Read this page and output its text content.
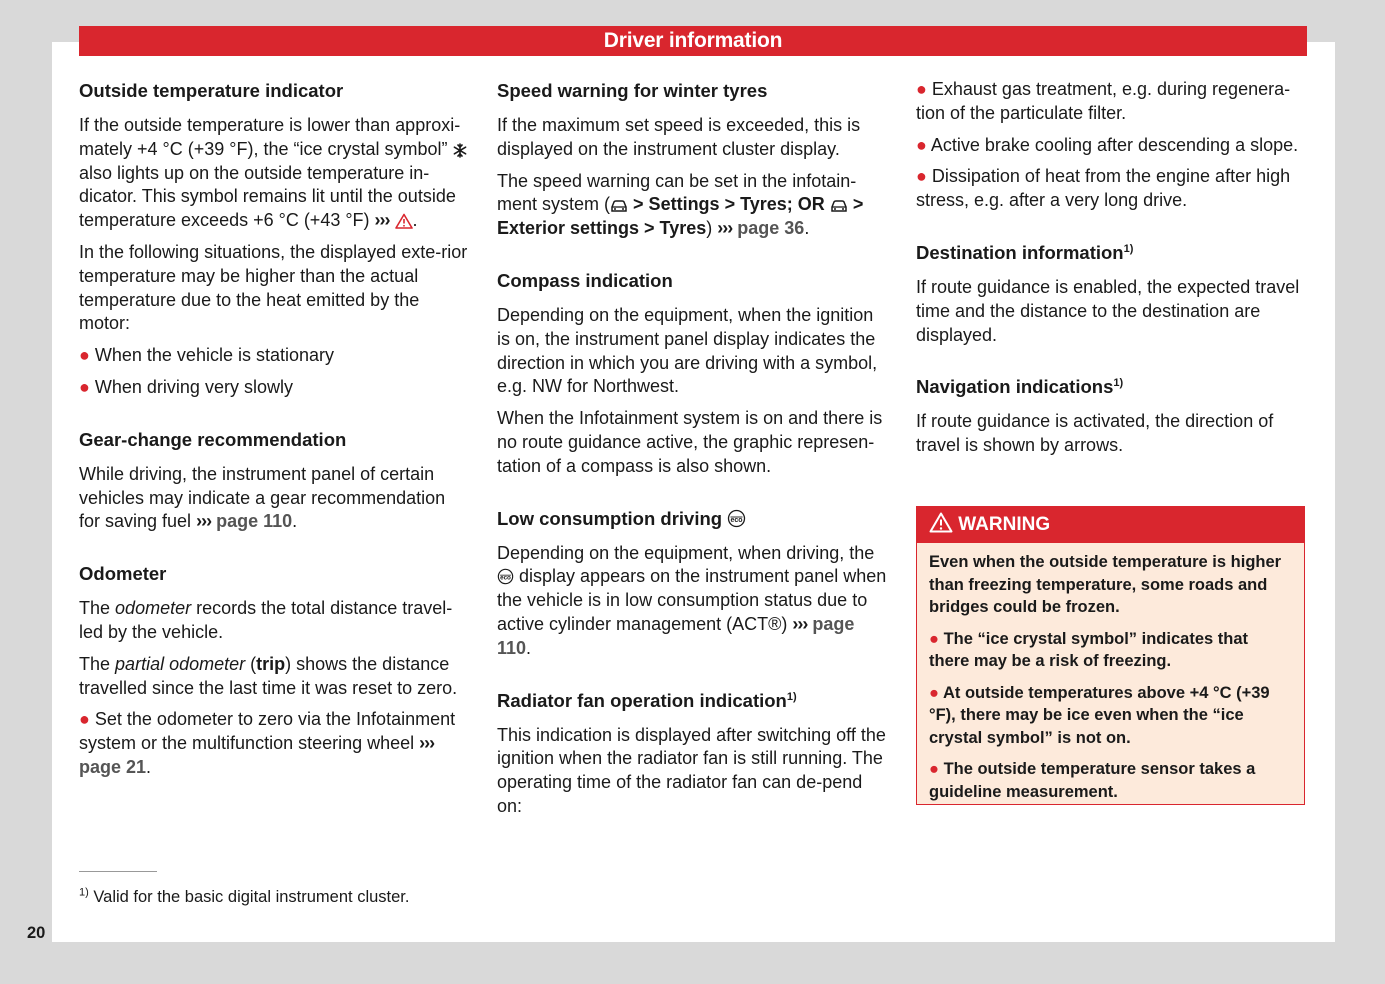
Driver information
Outside temperature indicator

If the outside temperature is lower than approxi-mately +4 °C (+39 °F), the “ice crystal symbol”  also lights up on the outside temperature in-dicator. This symbol remains lit until the outside temperature exceeds +6 °C (+43 °F) ››› .

In the following situations, the displayed exte-rior temperature may be higher than the actual temperature due to the heat emitted by the motor:

● When the vehicle is stationary

● When driving very slowly

Gear-change recommendation

While driving, the instrument panel of certain vehicles may indicate a gear recommendation for saving fuel ››› page 110.

Odometer

The odometer records the total distance travel-led by the vehicle.

The partial odometer (trip) shows the distance travelled since the last time it was reset to zero.

● Set the odometer to zero via the Infotainment system or the multifunction steering wheel ››› page 21.

Speed warning for winter tyres

If the maximum set speed is exceeded, this is displayed on the instrument cluster display.

The speed warning can be set in the infotain-ment system ( > Settings > Tyres; OR > Exterior settings > Tyres) ››› page 36.

Compass indication

Depending on the equipment, when the ignition is on, the instrument panel display indicates the direction in which you are driving with a symbol, e.g. NW for Northwest.

When the Infotainment system is on and there is no route guidance active, the graphic represen-tation of a compass is also shown.

Low consumption driving eco

Depending on the equipment, when driving, the
eco display appears on the instrument panel when the vehicle is in low consumption status due to active cylinder management (ACT®) ››› page 110.

Radiator fan operation indication$^{1)}$

This indication is displayed after switching off the ignition when the radiator fan is still running. The operating time of the radiator fan can de-pend on:

● Exhaust gas treatment, e.g. during regenera-tion of the particulate filter.

● Active brake cooling after descending a slope.

● Dissipation of heat from the engine after high stress, e.g. after a very long drive.

Destination information$^{1)}$

If route guidance is enabled, the expected travel time and the distance to the destination are displayed.

Navigation indications$^{1)}$

If route guidance is activated, the direction of travel is shown by arrows.

WARNING

Even when the outside temperature is higher than freezing temperature, some roads and bridges could be frozen.

● The “ice crystal symbol” indicates that there may be a risk of freezing.

● At outside temperatures above +4 °C (+39 °F), there may be ice even when the “ice crystal symbol” is not on.

● The outside temperature sensor takes a guideline measurement.

$^{1)}$ Valid for the basic digital instrument cluster.
20
